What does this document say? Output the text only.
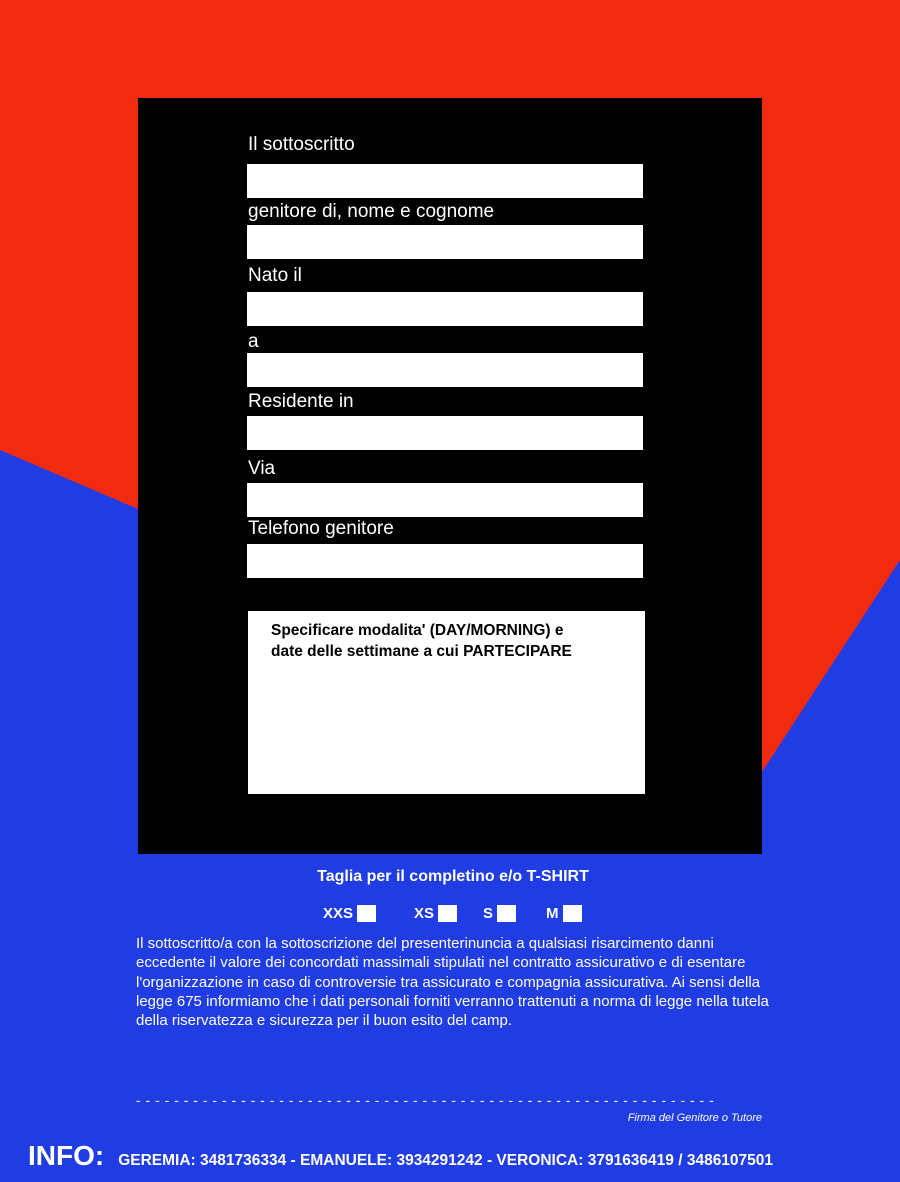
Il sottoscritto
genitore di, nome e cognome
Nato il
a
Residente in
Via
Telefono genitore
Specificare modalita' (DAY/MORNING) e
date delle settimane a cui PARTECIPARE
Taglia per il completino e/o T-SHIRT
XXS	XS	S	M
Il sottoscritto/a con la sottoscrizione del presenterinuncia a qualsiasi risarcimento danni eccedente il valore dei concordati massimali stipulati nel contratto assicurativo e di esentare l'organizzazione in caso di controversie tra assicurato e compagnia assicurativa. Ai sensi della legge 675 informiamo che i dati personali forniti verranno trattenuti a norma di legge nella tutela della riservatezza e sicurezza per il buon esito del camp.
- - - - - - - - - - - - - - - - - - - - - - - - - - - - - - - - - - - - - - - - - - - - - - - - - - - - - - - - - - - - -
Firma del Genitore o Tutore
INFO: GEREMIA: 3481736334 - EMANUELE: 3934291242 - VERONICA: 3791636419 / 3486107501
